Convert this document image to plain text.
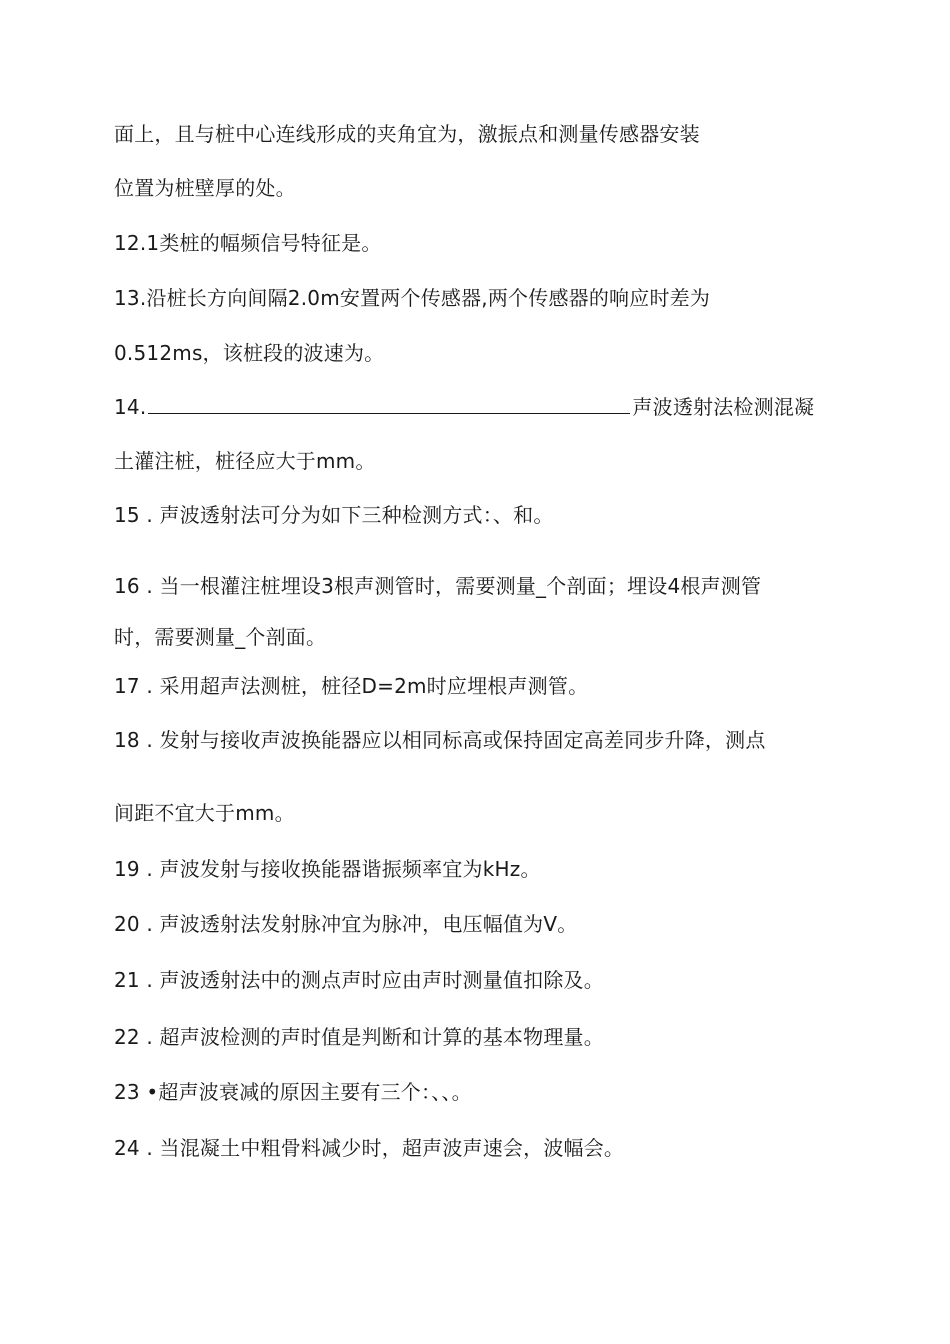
面上，且与桩中心连线形成的夹角宜为，激振点和测量传感器安装
位置为桩壁厚的处。
12.1类桩的幅频信号特征是。
13.沿桩长方向间隔2.0m安置两个传感器,两个传感器的响应时差为
0.512ms，该桩段的波速为。
14.	声波透射法检测混凝
土灌注桩，桩径应大于mm。
15 . 声波透射法可分为如下三种检测方式：、和。
16 . 当一根灌注桩埋设3根声测管时，需要测量_个剖面；埋设4根声测管
时，需要测量_个剖面。
17 . 采用超声法测桩，桩径D=2m时应埋根声测管。
18 . 发射与接收声波换能器应以相同标高或保持固定高差同步升降，测点
间距不宜大于mm。
19 . 声波发射与接收换能器谐振频率宜为kHz。
20 . 声波透射法发射脉冲宜为脉冲，电压幅值为V。
21 . 声波透射法中的测点声时应由声时测量值扣除及。
22 . 超声波检测的声时值是判断和计算的基本物理量。
23 •超声波衰减的原因主要有三个：、、。
24 . 当混凝土中粗骨料减少时，超声波声速会，波幅会。
